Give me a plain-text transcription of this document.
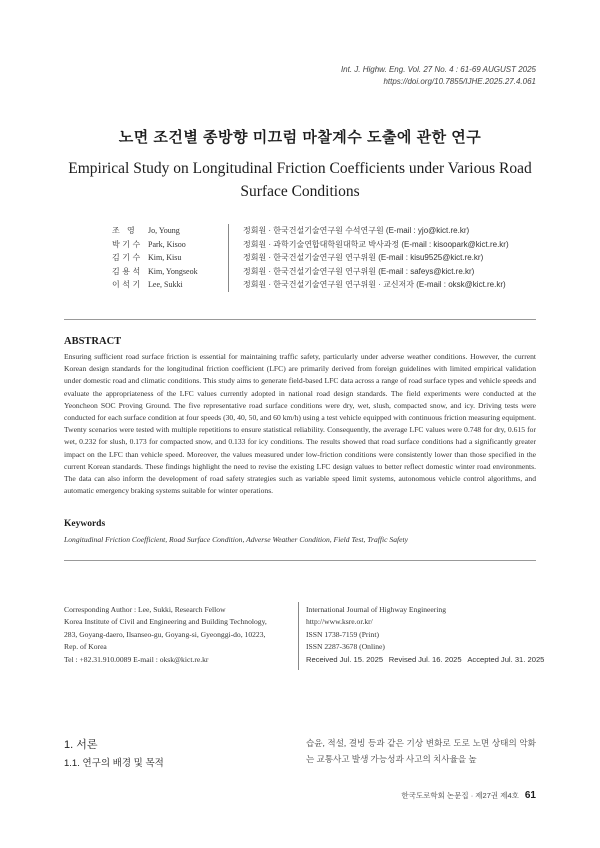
Int. J. Highw. Eng. Vol. 27 No. 4 : 61-69 AUGUST 2025
https://doi.org/10.7855/IJHE.2025.27.4.061
노면 조건별 종방향 미끄럼 마찰계수 도출에 관한 연구
Empirical Study on Longitudinal Friction Coefficients under Various Road Surface Conditions
조 영	Jo, Young	정회원 · 한국건설기술연구원 수석연구원 (E-mail : yjo@kict.re.kr)
박기수 Park, Kisoo	정회원 · 과학기술연합대학원대학교 박사과정 (E-mail : kisoopark@kict.re.kr)
김기수 Kim, Kisu	정회원 · 한국건설기술연구원 연구위원 (E-mail : kisu9525@kict.re.kr)
김용석 Kim, Yongseok	정회원 · 한국건설기술연구원 연구위원 (E-mail : safeys@kict.re.kr)
이석기 Lee, Sukki	정회원 · 한국건설기술연구원 연구위원 · 교신저자 (E-mail : oksk@kict.re.kr)
ABSTRACT
Ensuring sufficient road surface friction is essential for maintaining traffic safety, particularly under adverse weather conditions. However, the current Korean design standards for the longitudinal friction coefficient (LFC) are primarily derived from foreign guidelines with limited empirical validation under domestic road and climatic conditions. This study aims to generate field-based LFC data across a range of road surface types and vehicle speeds and evaluate the appropriateness of the LFC values currently adopted in national road design standards. The field experiments were conducted at the Yeoncheon SOC Proving Ground. The five representative road surface conditions were dry, wet, slush, compacted snow, and icy. Driving tests were conducted for each surface condition at four speeds (30, 40, 50, and 60 km/h) using a test vehicle equipped with continuous friction measuring equipment. Twenty scenarios were tested with multiple repetitions to ensure statistical reliability. Consequently, the average LFC values were 0.748 for dry, 0.615 for wet, 0.232 for slush, 0.173 for compacted snow, and 0.133 for icy conditions. The results showed that road surface conditions had a significantly greater impact on the LFC than vehicle speed. Moreover, the values measured under low-friction conditions were consistently lower than those specified in the current Korean standards. These findings highlight the need to revise the existing LFC design values to better reflect domestic winter road environments. The data can also inform the development of road safety strategies such as variable speed limit systems, autonomous vehicle control algorithms, and automatic emergency braking systems suitable for winter operations.
Keywords
Longitudinal Friction Coefficient, Road Surface Condition, Adverse Weather Condition, Field Test, Traffic Safety
Corresponding Author : Lee, Sukki, Research Fellow
Korea Institute of Civil and Engineering and Building Technology,
283, Goyang-daero, Ilsanseo-gu, Goyang-si, Gyeonggi-do, 10223,
Rep. of Korea
Tel : +82.31.910.0089 E-mail : oksk@kict.re.kr
International Journal of Highway Engineering
http://www.ksre.or.kr/
ISSN 1738-7159 (Print)
ISSN 2287-3678 (Online)
Received Jul. 15. 2025 Revised Jul. 16. 2025 Accepted Jul. 31. 2025
1. 서론
1.1. 연구의 배경 및 목적
습윤, 적설, 결빙 등과 같은 기상 변화로 도로 노면 상태의 악화는 교통사고 발생 가능성과 사고의 치사율을 높
한국도로학회 논문집 · 제27권 제4호 61
